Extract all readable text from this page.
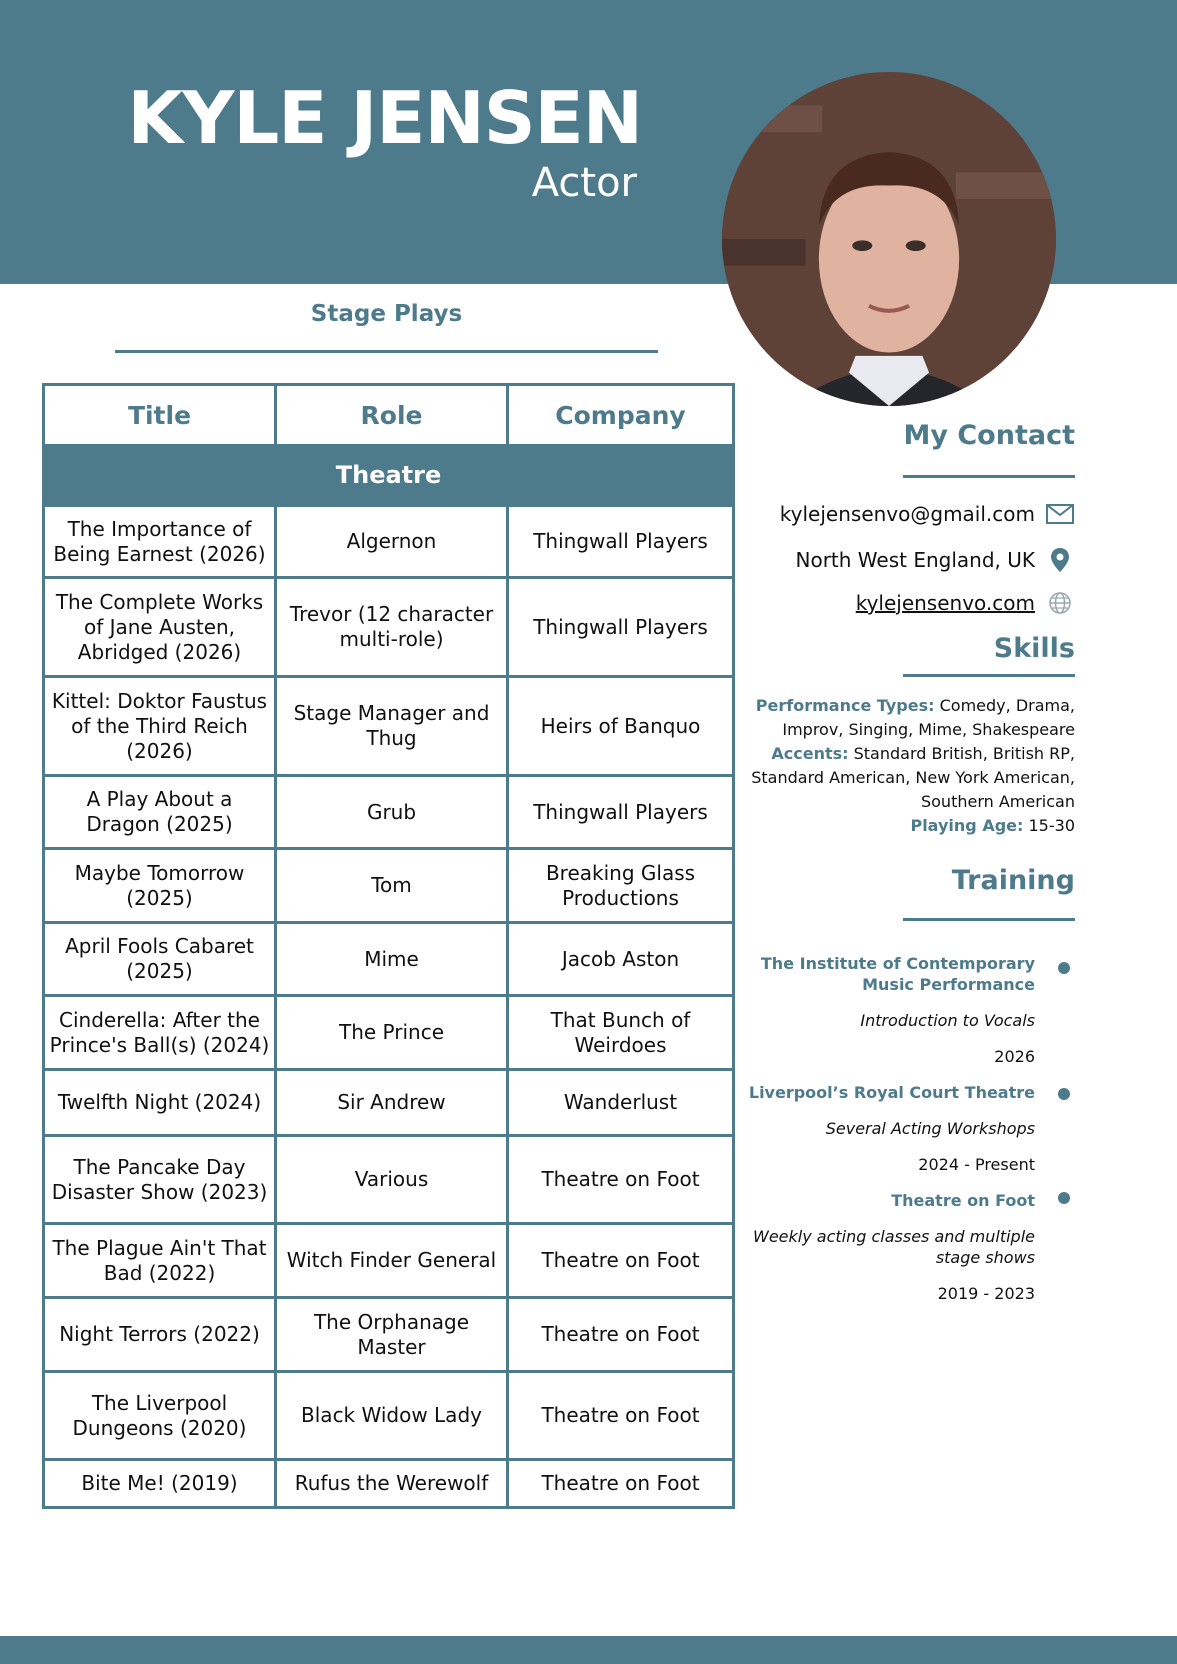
KYLE JENSEN
Actor
Stage Plays
Title	Role	Company
Theatre		
The Importance of Being Earnest (2026)	Algernon	Thingwall Players
The Complete Works of Jane Austen, Abridged (2026)	Trevor (12 character multi-role)	Thingwall Players
Kittel: Doktor Faustus of the Third Reich (2026)	Stage Manager and Thug	Heirs of Banquo
A Play About a Dragon (2025)	Grub	Thingwall Players
Maybe Tomorrow (2025)	Tom	Breaking Glass Productions
April Fools Cabaret (2025)	Mime	Jacob Aston
Cinderella: After the Prince's Ball(s) (2024)	The Prince	That Bunch of Weirdoes
Twelfth Night (2024)	Sir Andrew	Wanderlust
The Pancake Day Disaster Show (2023)	Various	Theatre on Foot
The Plague Ain't That Bad (2022)	Witch Finder General	Theatre on Foot
Night Terrors (2022)	The Orphanage Master	Theatre on Foot
The Liverpool Dungeons (2020)	Black Widow Lady	Theatre on Foot
Bite Me! (2019)	Rufus the Werewolf	Theatre on Foot
My Contact
kylejensenvo@gmail.com
North West England, UK
kylejensenvo.com
Skills
Performance Types: Comedy, Drama, Improv, Singing, Mime, Shakespeare
Accents: Standard British, British RP, Standard American, New York American, Southern American
Playing Age: 15-30
Training
The Institute of Contemporary Music Performance
Introduction to Vocals
2026
Liverpool’s Royal Court Theatre
Several Acting Workshops
2024 - Present
Theatre on Foot
Weekly acting classes and multiple stage shows
2019 - 2023
